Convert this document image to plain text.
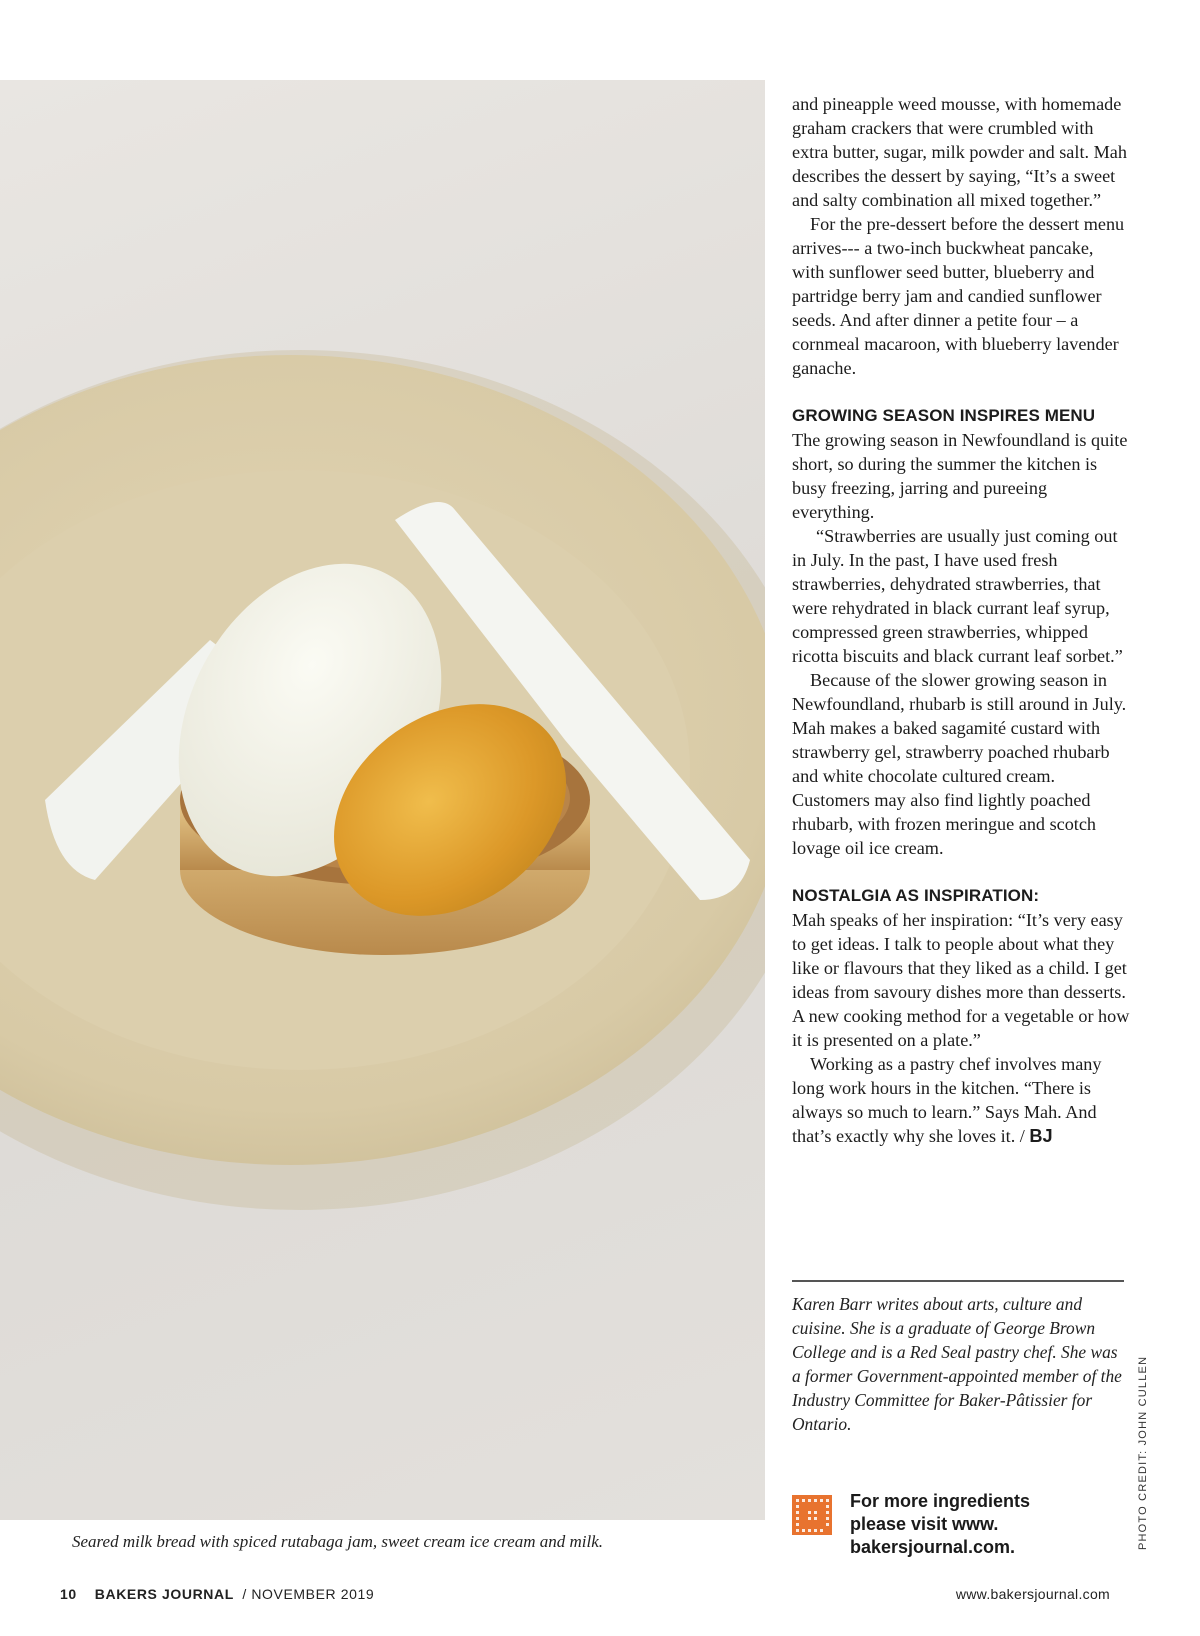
Seared milk bread with spiced rutabaga jam, sweet cream ice cream and milk.

and pineapple weed mousse, with homemade graham crackers that were crumbled with extra butter, sugar, milk powder and salt. Mah describes the dessert by saying, “It’s a sweet and salty combination all mixed together.”

For the pre-dessert before the dessert menu arrives--- a two-inch buckwheat pancake, with sunflower seed butter, blueberry and partridge berry jam and candied sunflower seeds. And after dinner a petite four – a cornmeal macaroon, with blueberry lavender ganache.

GROWING SEASON INSPIRES MENU

The growing season in Newfoundland is quite short, so during the summer the kitchen is busy freezing, jarring and pureeing everything.

“Strawberries are usually just coming out in July. In the past, I have used fresh strawberries, dehydrated strawberries, that were rehydrated in black currant leaf syrup, compressed green strawberries, whipped ricotta biscuits and black currant leaf sorbet.”

Because of the slower growing season in Newfoundland, rhubarb is still around in July. Mah makes a baked sagamité custard with strawberry gel, strawberry poached rhubarb and white chocolate cultured cream. Customers may also find lightly poached rhubarb, with frozen meringue and scotch lovage oil ice cream.

NOSTALGIA AS INSPIRATION:

Mah speaks of her inspiration: “It’s very easy to get ideas. I talk to people about what they like or flavours that they liked as a child. I get ideas from savoury dishes more than desserts. A new cooking method for a vegetable or how it is presented on a plate.”

Working as a pastry chef involves many long work hours in the kitchen. “There is always so much to learn.” Says Mah. And that’s exactly why she loves it. / BJ

Karen Barr writes about arts, culture and cuisine. She is a graduate of George Brown College and is a Red Seal pastry chef. She was a former Government-appointed member of the Industry Committee for Baker-Pâtissier for Ontario.	PHOTO CREDIT: JOHN CULLEN
For more ingredients please visit www. bakersjournal.com.
10 BAKERS JOURNAL / NOVEMBER 2019	www.bakersjournal.com
